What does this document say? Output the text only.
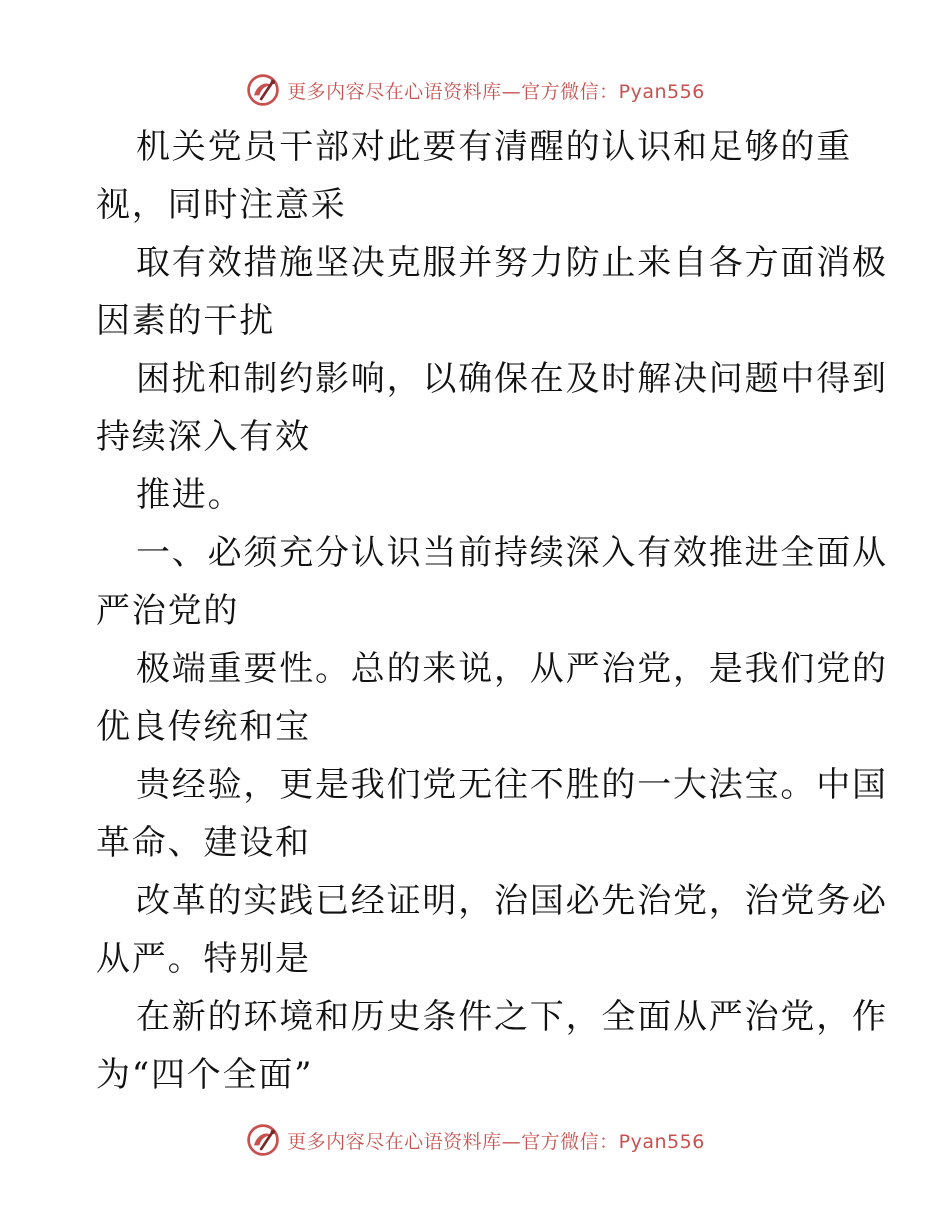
更多内容尽在心语资料库—官方微信：Pyan556
机关党员干部对此要有清醒的认识和足够的重
视，同时注意采
取有效措施坚决克服并努力防止来自各方面消极
因素的干扰
困扰和制约影响，以确保在及时解决问题中得到
持续深入有效
推进。
一、必须充分认识当前持续深入有效推进全面从
严治党的
极端重要性。总的来说，从严治党，是我们党的
优良传统和宝
贵经验，更是我们党无往不胜的一大法宝。中国
革命、建设和
改革的实践已经证明，治国必先治党，治党务必
从严。特别是
在新的环境和历史条件之下，全面从严治党，作
为“四个全面”
更多内容尽在心语资料库—官方微信：Pyan556
